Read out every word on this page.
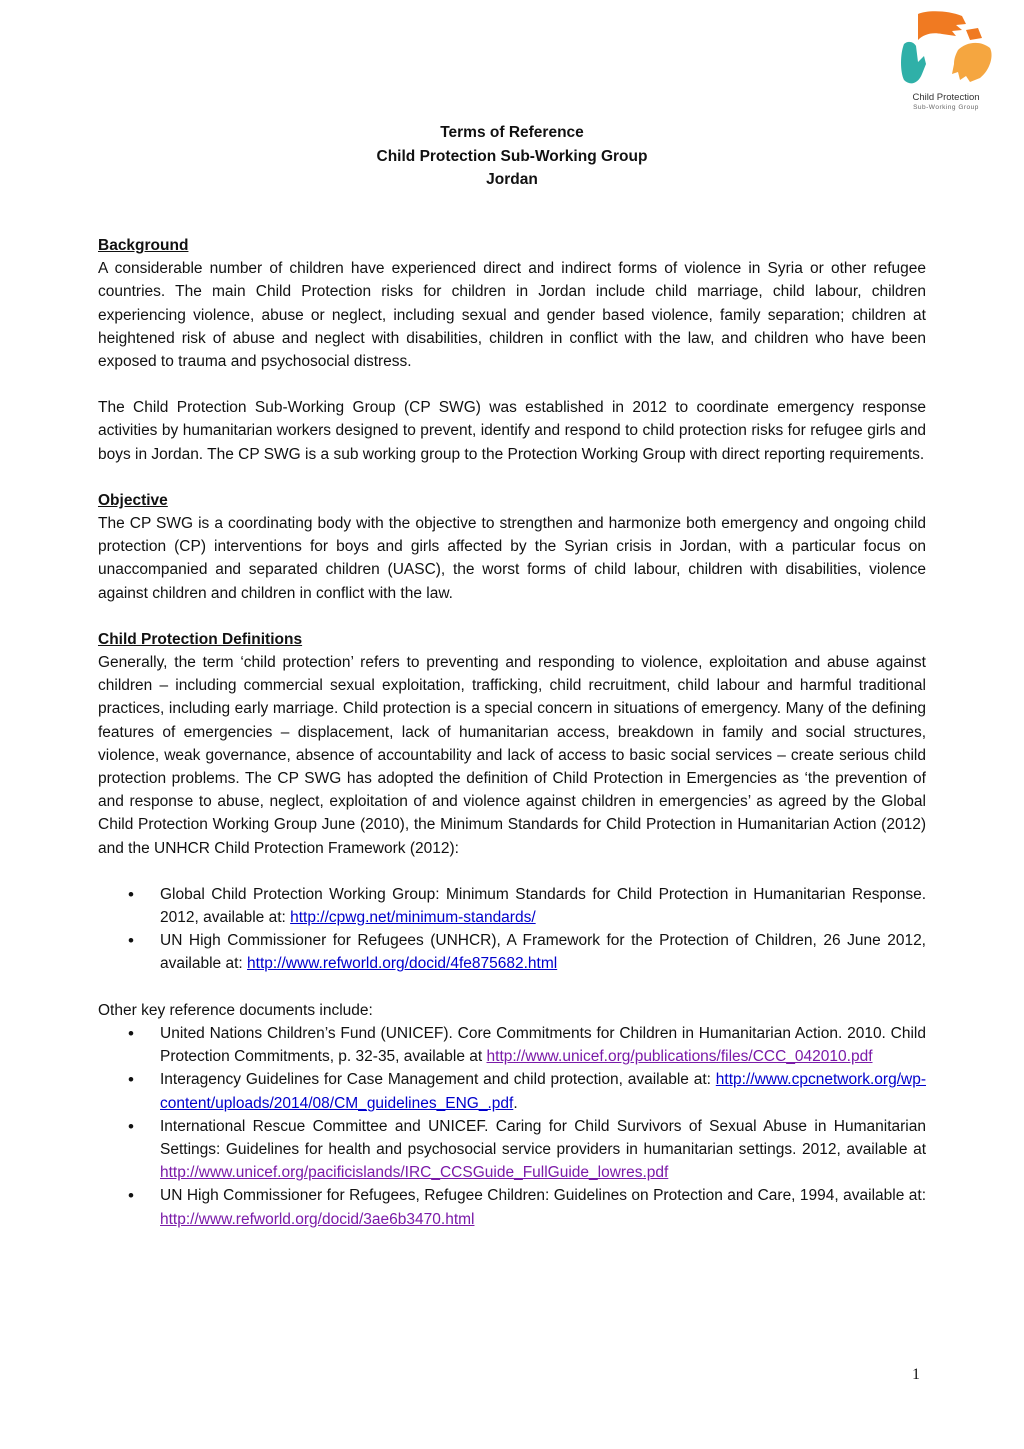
Child Protection
Sub-Working Group
Terms of Reference
Child Protection Sub-Working Group
Jordan
Background

A considerable number of children have experienced direct and indirect forms of violence in Syria or other refugee countries. The main Child Protection risks for children in Jordan include child marriage, child labour, children experiencing violence, abuse or neglect, including sexual and gender based violence, family separation; children at heightened risk of abuse and neglect with disabilities, children in conflict with the law, and children who have been exposed to trauma and psychosocial distress.

The Child Protection Sub-Working Group (CP SWG) was established in 2012 to coordinate emergency response activities by humanitarian workers designed to prevent, identify and respond to child protection risks for refugee girls and boys in Jordan. The CP SWG is a sub working group to the Protection Working Group with direct reporting requirements.

Objective

The CP SWG is a coordinating body with the objective to strengthen and harmonize both emergency and ongoing child protection (CP) interventions for boys and girls affected by the Syrian crisis in Jordan, with a particular focus on unaccompanied and separated children (UASC), the worst forms of child labour, children with disabilities, violence against children and children in conflict with the law.

Child Protection Definitions

Generally, the term ‘child protection’ refers to preventing and responding to violence, exploitation and abuse against children – including commercial sexual exploitation, trafficking, child recruitment, child labour and harmful traditional practices, including early marriage. Child protection is a special concern in situations of emergency. Many of the defining features of emergencies – displacement, lack of humanitarian access, breakdown in family and social structures, violence, weak governance, absence of accountability and lack of access to basic social services – create serious child protection problems. The CP SWG has adopted the definition of Child Protection in Emergencies as ‘the prevention of and response to abuse, neglect, exploitation of and violence against children in emergencies’ as agreed by the Global Child Protection Working Group June (2010), the Minimum Standards for Child Protection in Humanitarian Action (2012) and the UNHCR Child Protection Framework (2012):

• Global Child Protection Working Group: Minimum Standards for Child Protection in Humanitarian Response. 2012, available at: http://cpwg.net/minimum-standards/
• UN High Commissioner for Refugees (UNHCR), A Framework for the Protection of Children, 26 June 2012, available at: http://www.refworld.org/docid/4fe875682.html
Other key reference documents include:
• United Nations Children’s Fund (UNICEF). Core Commitments for Children in Humanitarian Action. 2010. Child Protection Commitments, p. 32-35, available at http://www.unicef.org/publications/files/CCC_042010.pdf
• Interagency Guidelines for Case Management and child protection, available at: http://www.cpcnetwork.org/wp-content/uploads/2014/08/CM_guidelines_ENG_.pdf.
• International Rescue Committee and UNICEF. Caring for Child Survivors of Sexual Abuse in Humanitarian Settings: Guidelines for health and psychosocial service providers in humanitarian settings. 2012, available at http://www.unicef.org/pacificislands/IRC_CCSGuide_FullGuide_lowres.pdf
• UN High Commissioner for Refugees, Refugee Children: Guidelines on Protection and Care, 1994, available at: http://www.refworld.org/docid/3ae6b3470.html
1
